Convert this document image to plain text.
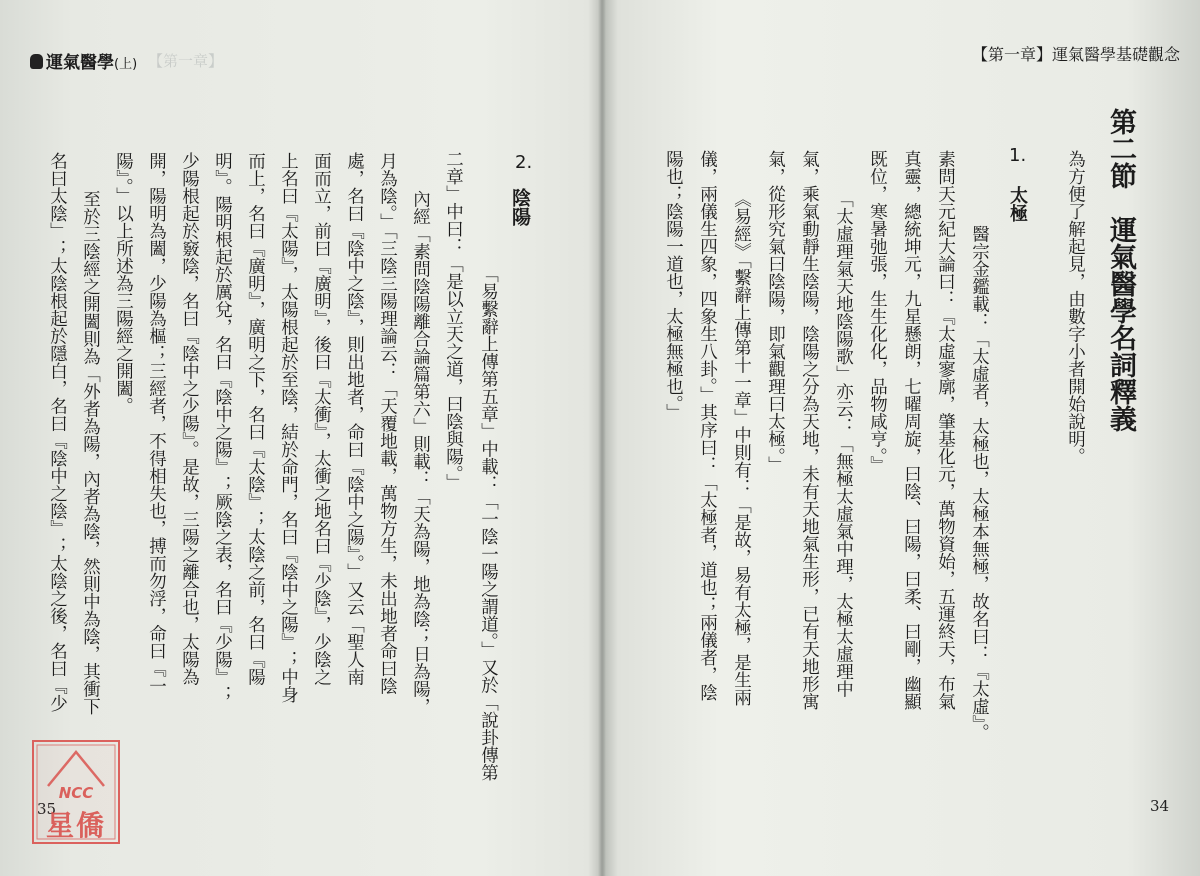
運氣醫學(上) 【第一章】
2.
陰陽
「易繫辭上傳第五章」中載：「一陰一陽之謂道。」又於「說卦傳第
二章」中曰：「是以立天之道，曰陰與陽。」
內經「素問陰陽離合論篇第六」則載：「天為陽，地為陰；日為陽，
月為陰。」「三陰三陽理論云：「天覆地載，萬物方生，未出地者命曰陰
處，名曰『陰中之陰』，則出地者，命曰『陰中之陽』。」又云「聖人南
面而立，前曰『廣明』，後曰『太衝』，太衝之地名曰『少陰』，少陰之
上名曰『太陽』，太陽根起於至陰，結於命門，名曰『陰中之陽』；中身
而上，名曰『廣明』，廣明之下，名曰『太陰』；太陰之前，名曰『陽
明』。陽明根起於厲兌，名曰『陰中之陽』；厥陰之表，名曰『少陽』；
少陽根起於竅陰，名曰『陰中之少陽』。是故，三陽之離合也，太陽為
開，陽明為闔，少陽為樞；三經者，不得相失也，搏而勿浮，命曰『一
陽』。」以上所述為三陽經之開闔。
至於三陰經之開闔則為「外者為陽，內者為陰，然則中為陰，其衝下
名曰太陰」；太陰根起於隱白，名曰『陰中之陰』；太陰之後，名曰『少
【第一章】運氣醫學基礎觀念
第二節　運氣醫學名詞釋義
為方便了解起見，由數字小者開始說明。
1.
太極
醫宗金鑑載：「太虛者，太極也，太極本無極，故名曰：『太虛』。
素問天元紀大論曰：『太虛寥廓，肇基化元，萬物資始，五運終天，布氣
真靈，總統坤元，九星懸朗，七曜周旋，曰陰、曰陽，曰柔、曰剛，幽顯
既位，寒暑弛張，生生化化，品物咸亨。』
「太虛理氣天地陰陽歌」亦云：「無極太虛氣中理，太極太虛理中
氣，乘氣動靜生陰陽，陰陽之分為天地，未有天地氣生形，已有天地形寓
氣，從形究氣曰陰陽，即氣觀理曰太極。」
《易經》「繫辭上傳第十一章」中則有：「是故，易有太極，是生兩
儀，兩儀生四象，四象生八卦。」其序曰：「太極者，道也；兩儀者，陰
陽也；陰陽一道也，太極無極也。」
34
NCC
星僑
